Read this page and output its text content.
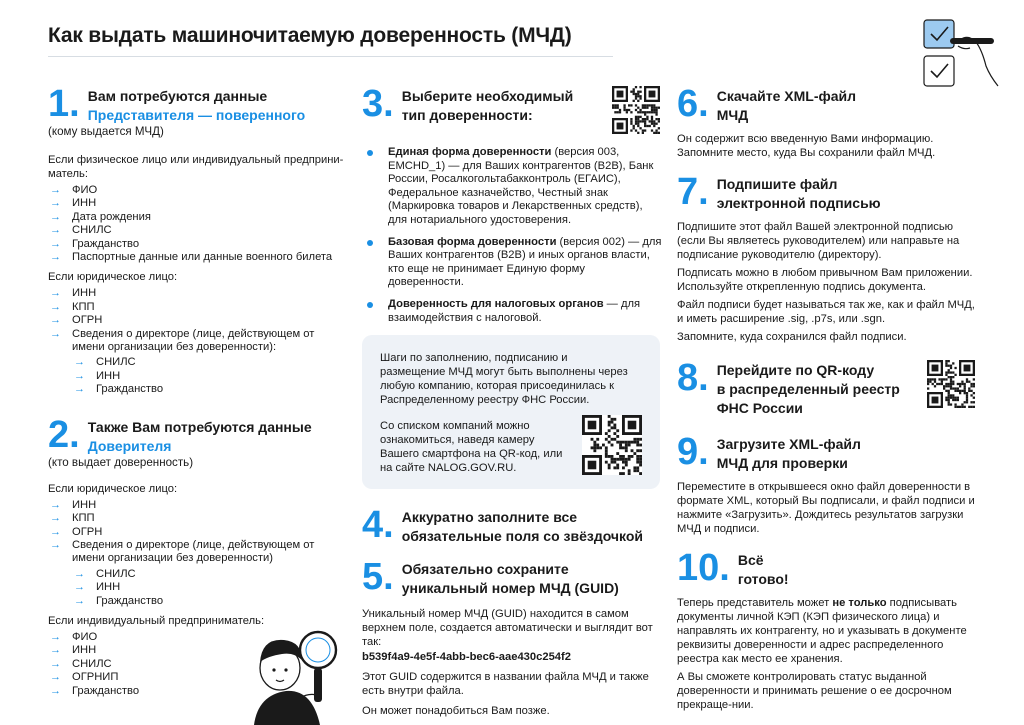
Как выдать машиночитаемую доверенность (МЧД)
1. Вам потребуются данные
Представителя — поверенного
(кому выдается МЧД)

Если физическое лицо или индивидуальный предприни-матель:

→ ФИО
→ ИНН
→ Дата рождения
→ СНИЛС
→ Гражданство
→ Паспортные данные или данные военного билета

Если юридическое лицо:

→ ИНН
→ КПП
→ ОГРН
→ Сведения о директоре (лице, действующем от имени организации без доверенности):
→ СНИЛС
→ ИНН
→ Гражданство
2. Также Вам потребуются данные
Доверителя
(кто выдает доверенность)

Если юридическое лицо:

→ ИНН
→ КПП
→ ОГРН
→ Сведения о директоре (лице, действующем от имени организации без доверенности)
→ СНИЛС
→ ИНН
→ Гражданство

Если индивидуальный предприниматель:

→ ФИО
→ ИНН
→ СНИЛС
→ ОГРНИП
→ Гражданство
3. Выберите необходимый
тип доверенности:
Единая форма доверенности (версия 003, EMCHD_1) — для Ваших контрагентов (B2B), Банк России, Росалкогольтабакконтроль (ЕГАИС), Федеральное казначейство, Честный знак (Маркировка товаров и Лекарственных средств), для нотариального удостоверения.
Базовая форма доверенности (версия 002) — для Ваших контрагентов (B2B) и иных органов власти, кто еще не принимает Единую форму доверенности.
Доверенность для налоговых органов — для взаимодействия с налоговой.

Шаги по заполнению, подписанию и размещение МЧД могут быть выполнены через любую компанию, которая присоединилась к Распределенному реестру ФНС России.

Со списком компаний можно ознакомиться, наведя камеру Вашего смартфона на QR-код, или на сайте NALOG.GOV.RU.

4. Аккуратно заполните все
обязательные поля со звёздочкой
5. Обязательно сохраните
уникальный номер МЧД (GUID)

Уникальный номер МЧД (GUID) находится в самом верхнем поле, создается автоматически и выглядит вот так:

b539f4a9-4e5f-4abb-bec6-aae430c254f2

Этот GUID содержится в названии файла МЧД и также есть внутри файла.

Он может понадобиться Вам позже.

6. Скачайте XML-файл
МЧД

Он содержит всю введенную Вами информацию. Запомните место, куда Вы сохранили файл МЧД.

7. Подпишите файл
электронной подписью

Подпишите этот файл Вашей электронной подписью (если Вы являетесь руководителем) или направьте на подписание руководителю (директору).

Подписать можно в любом привычном Вам приложении. Используйте открепленную подпись документа.

Файл подписи будет называться так же, как и файл МЧД, и иметь расширение .sig, .p7s, или .sgn.

Запомните, куда сохранился файл подписи.

8. Перейдите по QR-коду
в распределенный реестр
ФНС России
9. Загрузите XML-файл
МЧД для проверки

Переместите в открывшееся окно файл доверенности в формате XML, который Вы подписали, и файл подписи и нажмите «Загрузить». Дождитесь результатов загрузки МЧД и подписи.

10. Всё
готово!

Теперь представитель может не только подписывать документы личной КЭП (КЭП физического лица) и направлять их контрагенту, но и указывать в документе реквизиты доверенности и адрес распределенного реестра как место ее хранения.

А Вы сможете контролировать статус выданной доверенности и принимать решение о ее досрочном прекраще-нии.
